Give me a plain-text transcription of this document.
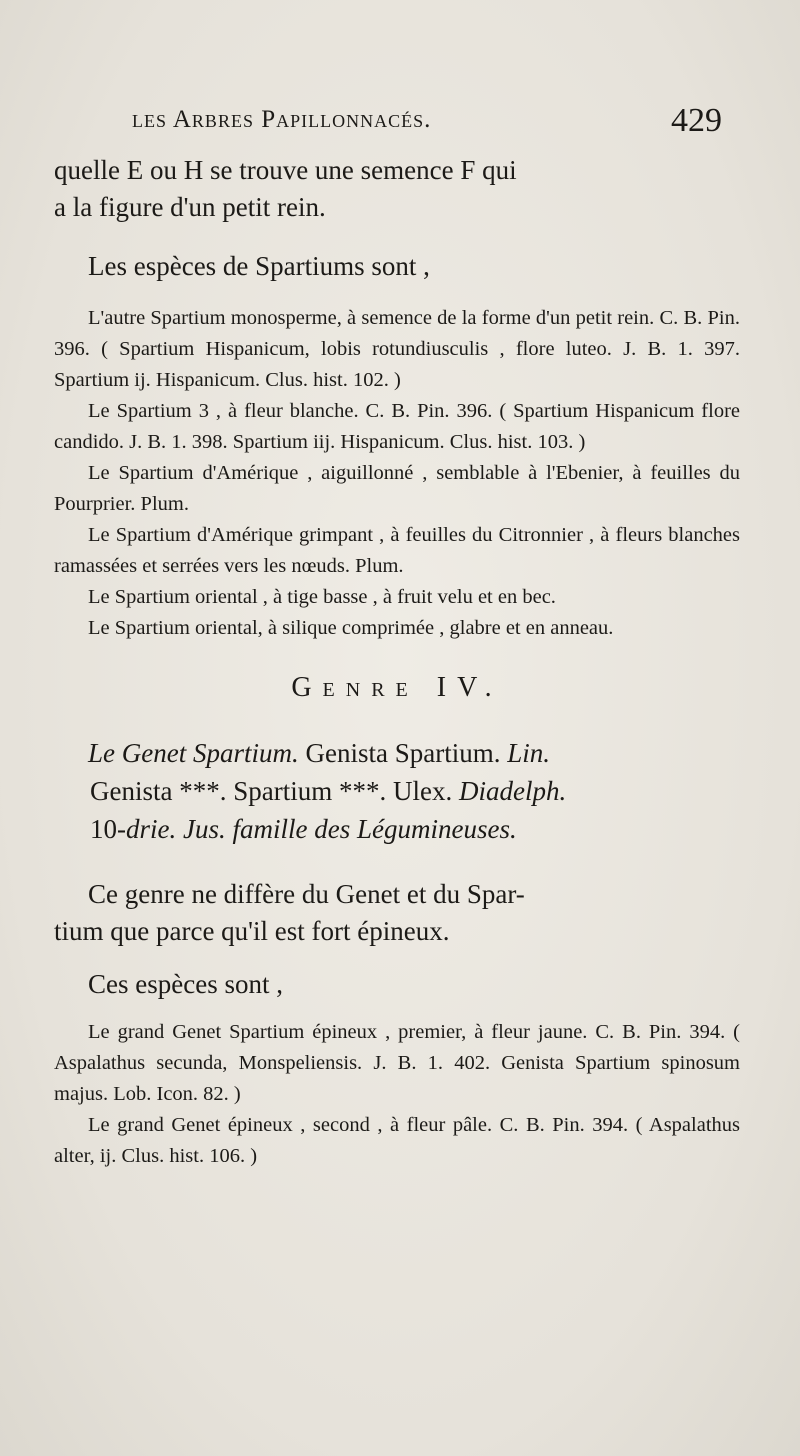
les Arbres Papillonnacés.	429

quelle E ou H se trouve une semence F qui

a la figure d'un petit rein.

Les espèces de Spartiums sont ,

L'autre Spartium monosperme, à semence de la forme d'un petit rein. C. B. Pin. 396. ( Spartium Hispanicum, lobis rotundiusculis , flore luteo. J. B. 1. 397. Spartium ij. Hispanicum. Clus. hist. 102. )

Le Spartium 3 , à fleur blanche. C. B. Pin. 396. ( Spartium Hispanicum flore candido. J. B. 1. 398. Spartium iij. Hispanicum. Clus. hist. 103. )

Le Spartium d'Amérique , aiguillonné , semblable à l'Ebenier, à feuilles du Pourprier. Plum.

Le Spartium d'Amérique grimpant , à feuilles du Citronnier , à fleurs blanches ramassées et serrées vers les nœuds. Plum.

Le Spartium oriental , à tige basse , à fruit velu et en bec.

Le Spartium oriental, à silique comprimée , glabre et en anneau.

Genre IV.

Le Genet Spartium. Genista Spartium. Lin.

Genista ***. Spartium ***. Ulex. Diadelph.

10-drie. Jus. famille des Légumineuses.

Ce genre ne diffère du Genet et du Spar-

tium que parce qu'il est fort épineux.

Ces espèces sont ,

Le grand Genet Spartium épineux , premier, à fleur jaune. C. B. Pin. 394. ( Aspalathus secunda, Monspeliensis. J. B. 1. 402. Genista Spartium spinosum majus. Lob. Icon. 82. )

Le grand Genet épineux , second , à fleur pâle. C. B. Pin. 394. ( Aspalathus alter, ij. Clus. hist. 106. )
